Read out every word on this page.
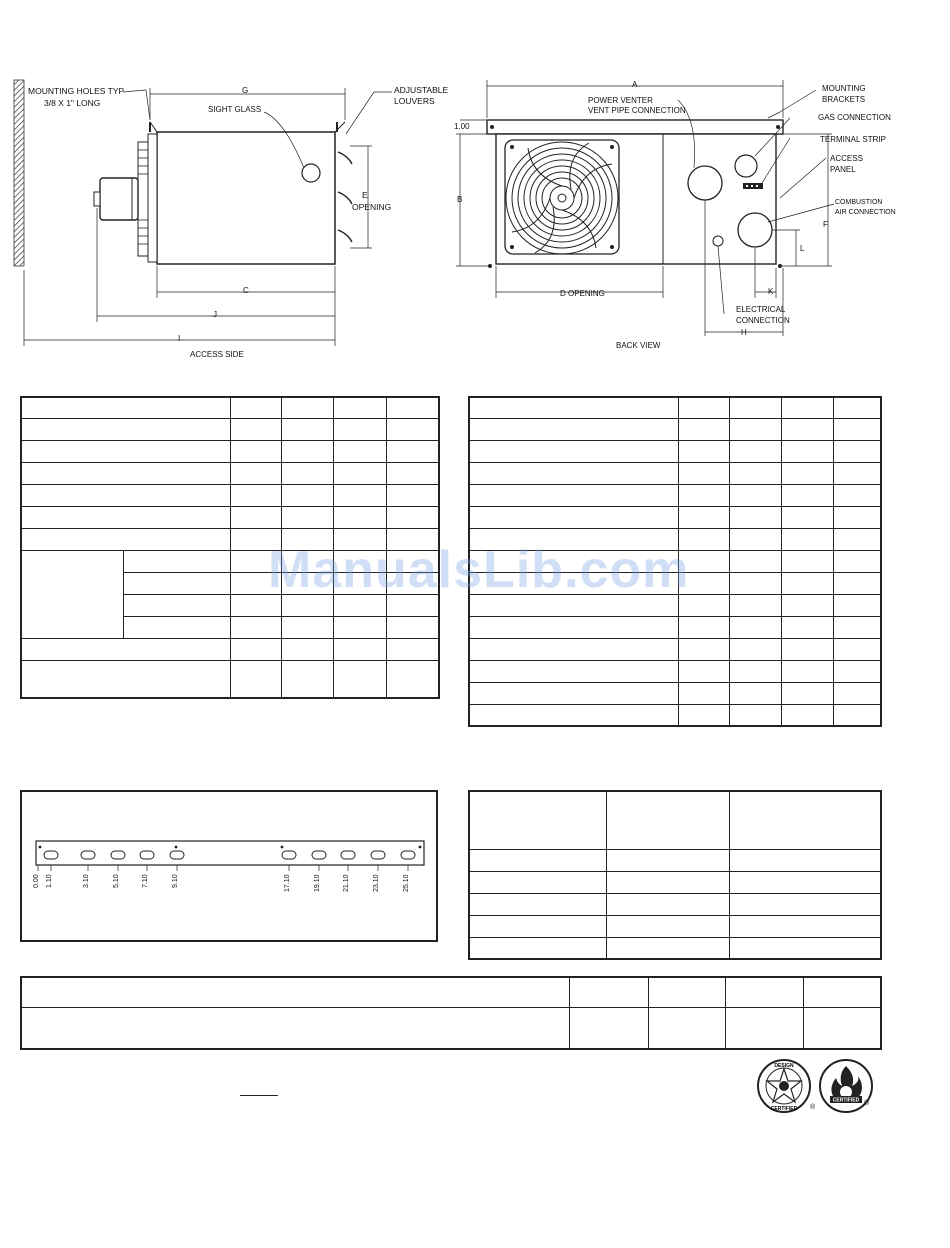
MOUNTING HOLES TYP
3/8 X 1" LONG
G
SIGHT GLASS
ADJUSTABLE
LOUVERS
E
OPENING
C
J
I
ACCESS SIDE
A
1.00
B
POWER VENTER
VENT PIPE CONNECTION
MOUNTING
BRACKETS
GAS CONNECTION
TERMINAL STRIP
ACCESS
PANEL
COMBUSTION
AIR CONNECTION
F
L
K
D OPENING
ELECTRICAL
CONNECTION
H
BACK VIEW

ManualsLib.com
0.00 1.10	3.10	5.10	7.10	9.10	17.10	19.10	21.10	23.10	25.10

DESIGN
CERTIFIED ®
CERTIFIED ®
